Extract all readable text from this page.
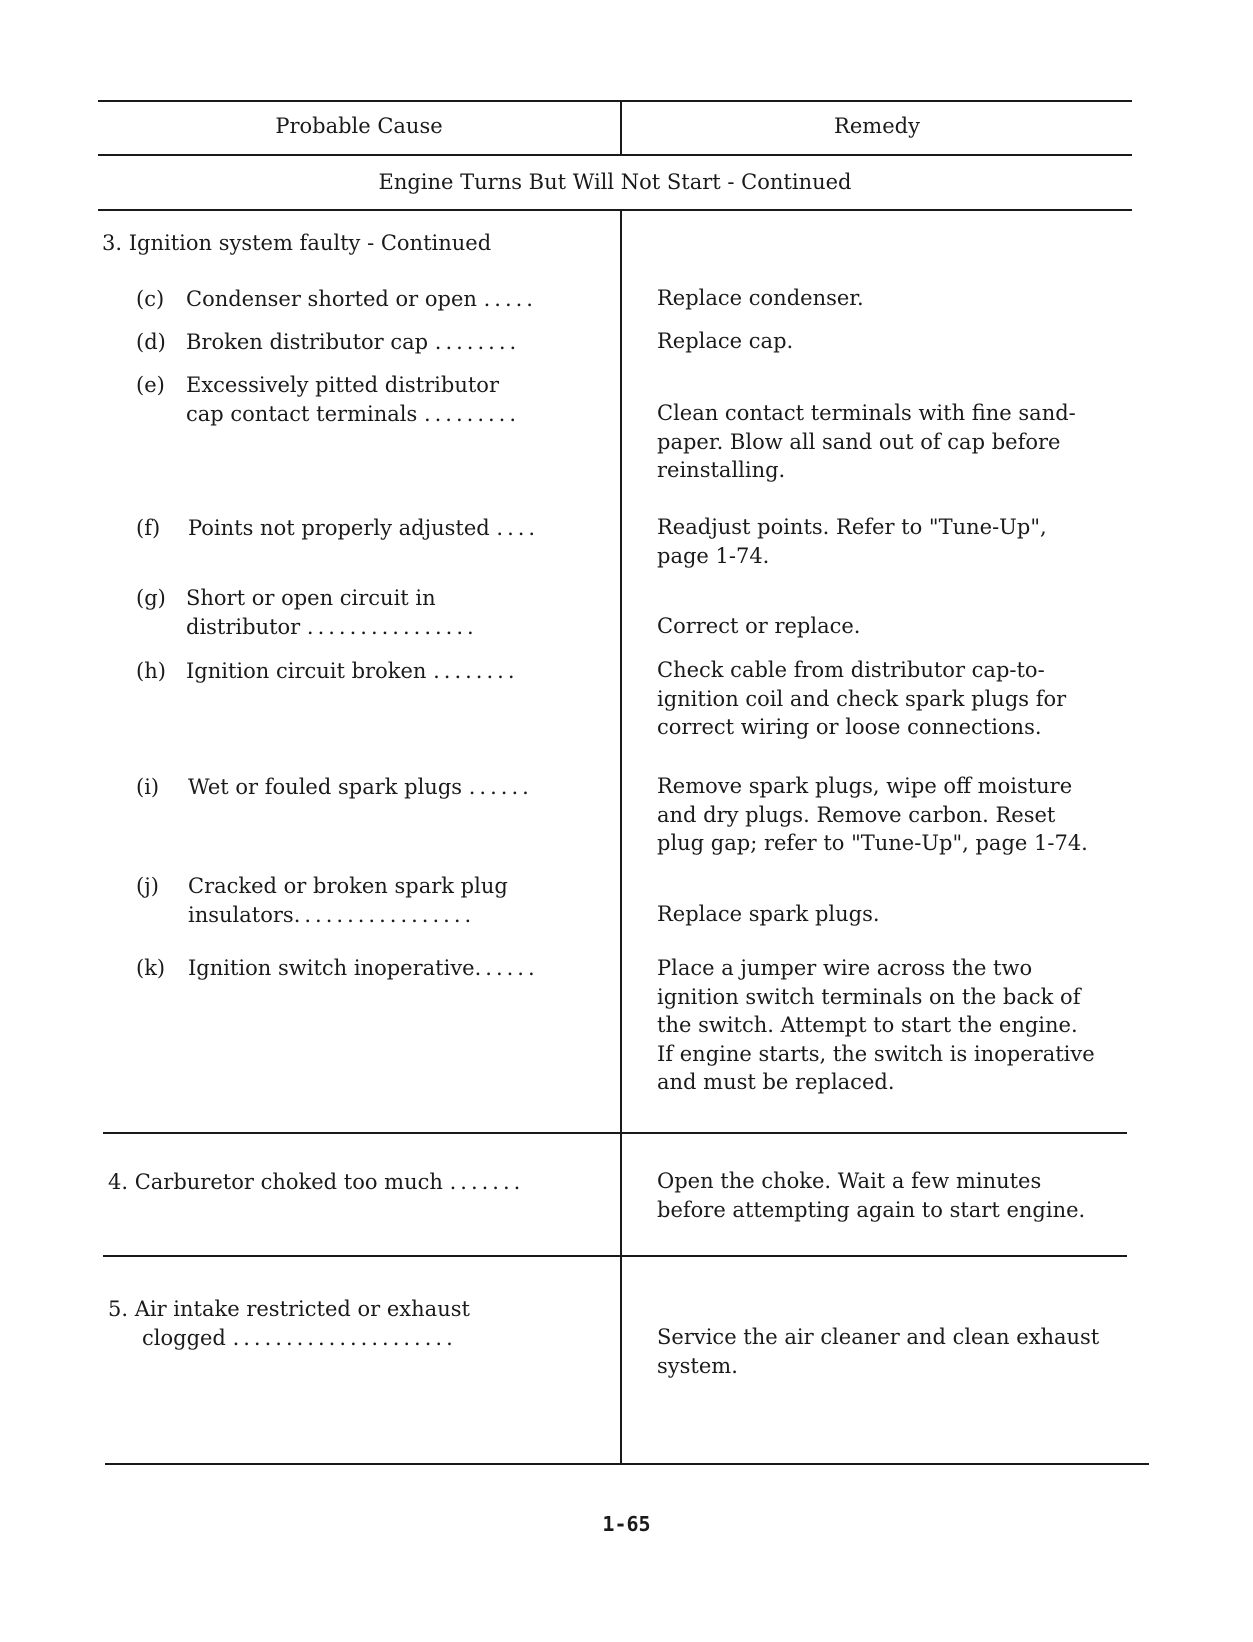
Probable Cause	Remedy
Engine Turns But Will Not Start - Continued
3. Ignition system faulty - Continued
(c) Condenser shorted or open .....	Replace condenser.
(d) Broken distributor cap ........	Replace cap.
(e) Excessively pitted distributor
cap contact terminals .........	Clean contact terminals with fine sand-
paper. Blow all sand out of cap before
reinstalling.
(f) Points not properly adjusted ....	Readjust points. Refer to "Tune-Up",
page 1-74.
(g) Short or open circuit in
distributor ................	Correct or replace.
(h) Ignition circuit broken ........	Check cable from distributor cap-to-
ignition coil and check spark plugs for
correct wiring or loose connections.
(i) Wet or fouled spark plugs ......	Remove spark plugs, wipe off moisture
and dry plugs. Remove carbon. Reset
plug gap; refer to "Tune-Up", page 1-74.
(j) Cracked or broken spark plug
insulators.................	Replace spark plugs.
(k) Ignition switch inoperative......	Place a jumper wire across the two
ignition switch terminals on the back of
the switch. Attempt to start the engine.
If engine starts, the switch is inoperative
and must be replaced.
4. Carburetor choked too much .......	Open the choke. Wait a few minutes
before attempting again to start engine.
5. Air intake restricted or exhaust
clogged .....................	Service the air cleaner and clean exhaust
system.
1-65
